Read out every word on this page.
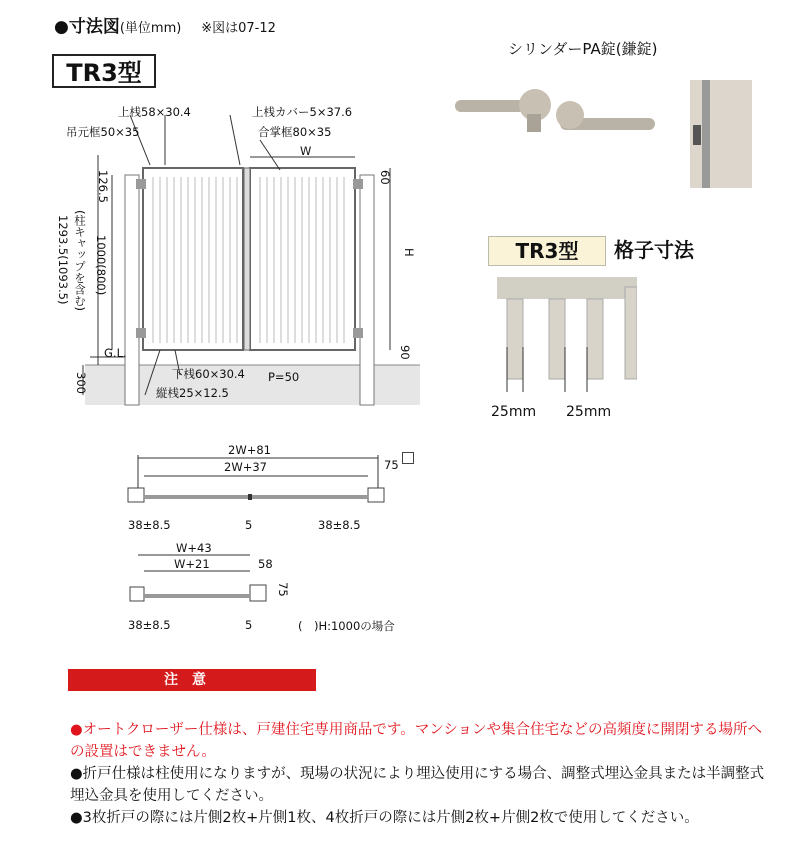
●寸法図(単位mm) ※図は07-12
TR3型
上桟58×30.4	上桟カバー5×37.6
吊元框50×35	合掌框80×35
W
H
126.5	60
90
1293.5(1093.5) (柱キャップを含む) 1000(800)
G.L.
300	下桟60×30.4 P=50
縦桟25×12.5
シリンダーPA錠(鎌錠)
TR3型	格子寸法
25mm 25mm
2W+81
2W+37	75
38±8.5	5	38±8.5
W+43
W+21	58
75
38±8.5	5	(　)H:1000の場合
注意

●オートクローザー仕様は、戸建住宅専用商品です。マンションや集合住宅などの高頻度に開閉する場所への設置はできません。

●折戸仕様は柱使用になりますが、現場の状況により埋込使用にする場合、調整式埋込金具または半調整式埋込金具を使用してください。

●3枚折戸の際には片側2枚+片側1枚、4枚折戸の際には片側2枚+片側2枚で使用してください。
